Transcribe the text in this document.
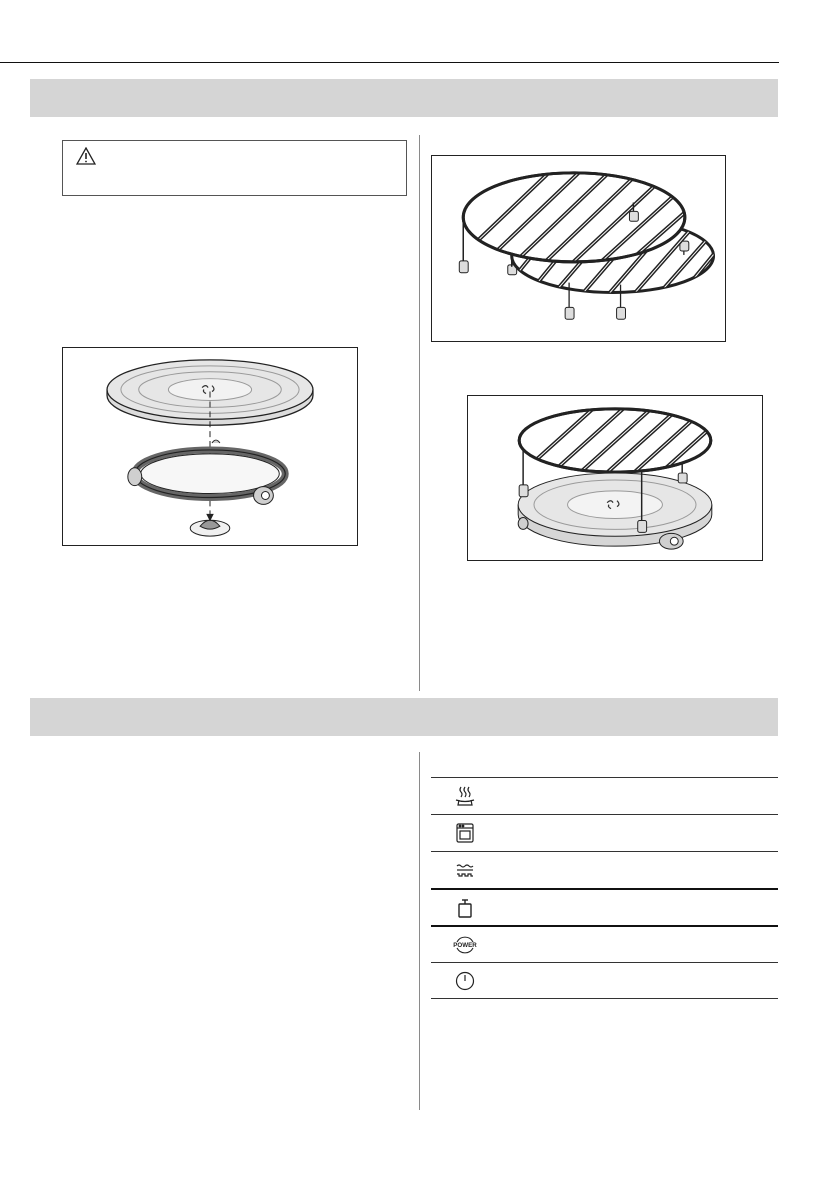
POWER
